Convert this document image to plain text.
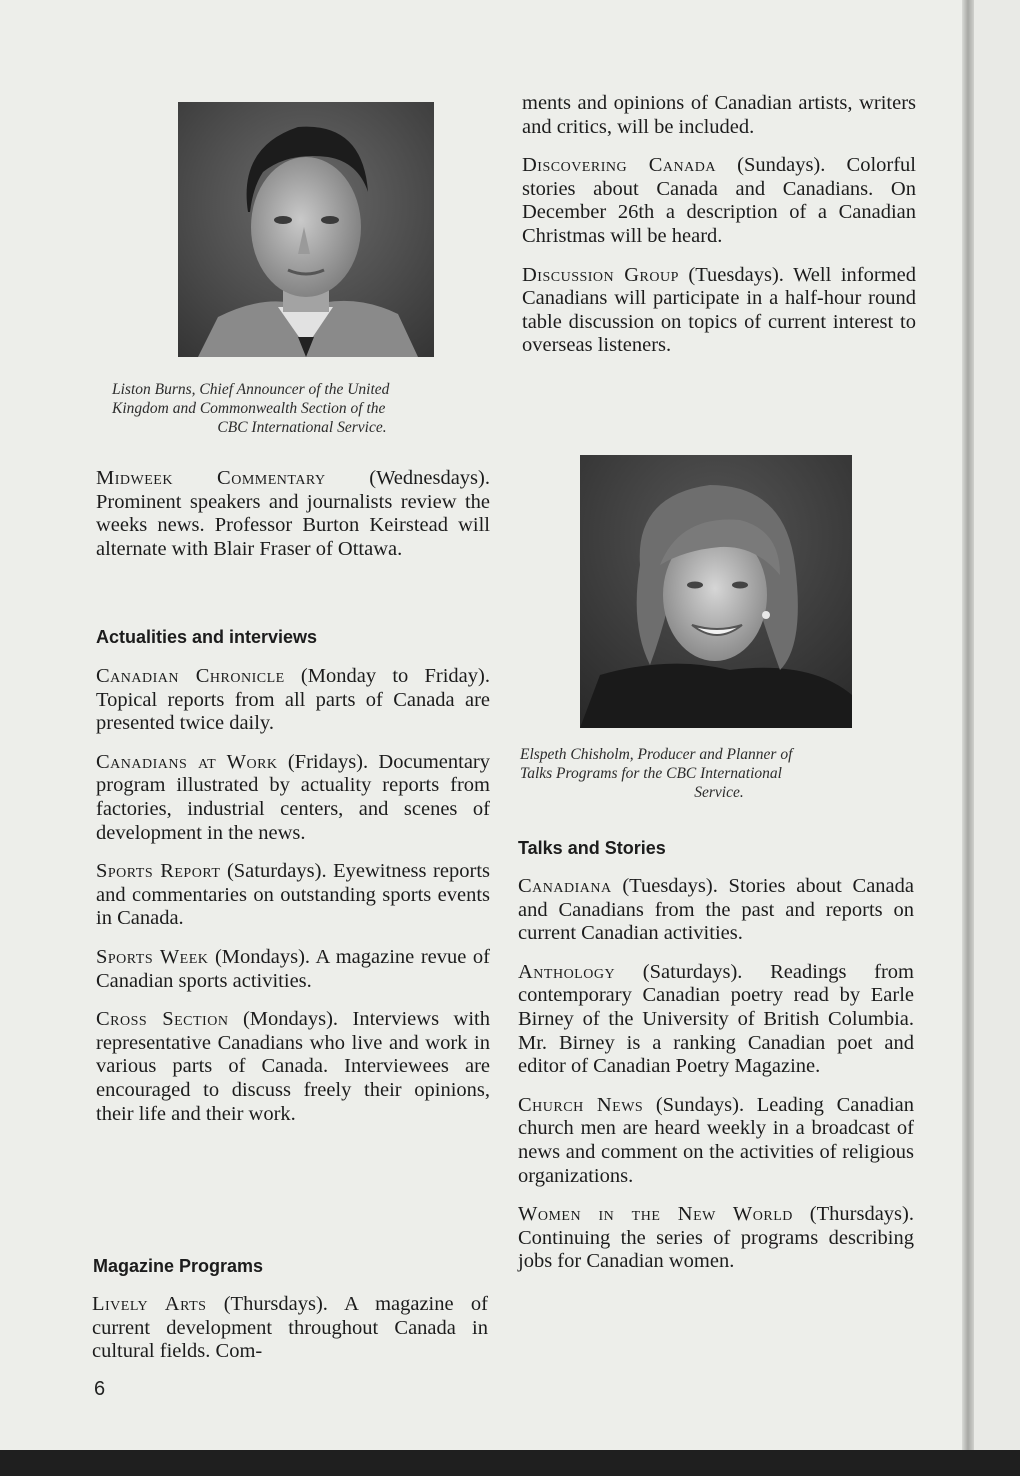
Liston Burns, Chief Announcer of the United
Kingdom and Commonwealth Section of the

CBC International Service.

Elspeth Chisholm, Producer and Planner of
Talks Programs for the CBC International

Service.

Midweek Commentary (Wednesdays). Prominent speakers and journalists review the weeks news. Professor Burton Keirstead will alternate with Blair Fraser of Ottawa.

Actualities and interviews

Canadian Chronicle (Monday to Friday). Topical reports from all parts of Canada are presented twice daily.

Canadians at Work (Fridays). Documentary program illustrated by actuality reports from factories, industrial centers, and scenes of development in the news.

Sports Report (Saturdays). Eyewitness reports and commentaries on outstanding sports events in Canada.

Sports Week (Mondays). A magazine revue of Canadian sports activities.

Cross Section (Mondays). Interviews with representative Canadians who live and work in various parts of Canada. Interviewees are encouraged to discuss freely their opinions, their life and their work.

Magazine Programs

Lively Arts (Thursdays). A magazine of current development throughout Canada in cultural fields. Com-

6

ments and opinions of Canadian artists, writers and critics, will be included.

Discovering Canada (Sundays). Colorful stories about Canada and Canadians. On December 26th a description of a Canadian Christmas will be heard.

Discussion Group (Tuesdays). Well informed Canadians will participate in a half-hour round table discussion on topics of current interest to overseas listeners.

Talks and Stories

Canadiana (Tuesdays). Stories about Canada and Canadians from the past and reports on current Canadian activities.

Anthology (Saturdays). Readings from contemporary Canadian poetry read by Earle Birney of the University of British Columbia. Mr. Birney is a ranking Canadian poet and editor of Canadian Poetry Magazine.

Church News (Sundays). Leading Canadian church men are heard weekly in a broadcast of news and comment on the activities of religious organizations.

Women in the New World (Thursdays). Continuing the series of programs describing jobs for Canadian women.
